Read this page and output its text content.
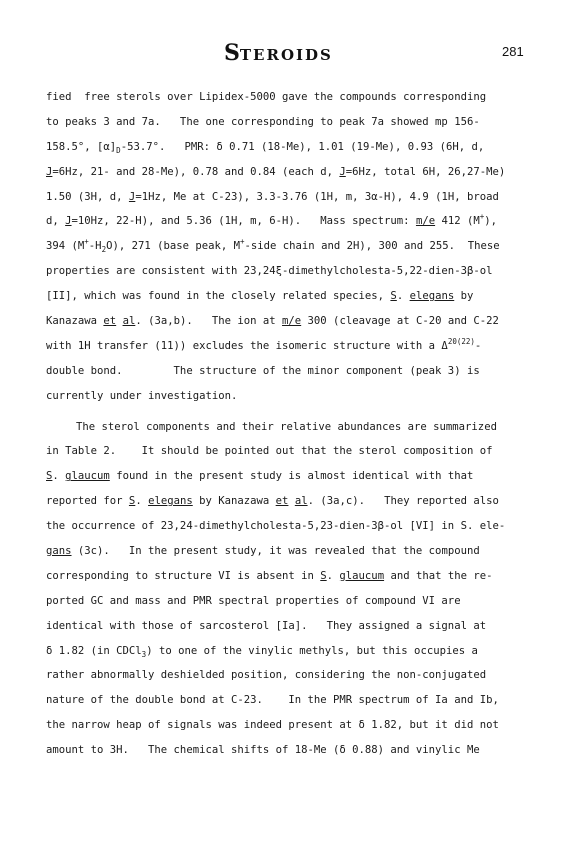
STEROIDS	281
fied  free sterols over Lipidex-5000 gave the compounds corresponding
to peaks 3 and 7a.   The one corresponding to peak 7a showed mp 156-
158.5°, $[\alpha]_D-53.7^\circ$.   PMR: δ 0.71 (18-Me), 1.01 (19-Me), 0.93 (6H, d,
J=6Hz, 21- and 28-Me), 0.78 and 0.84 (each d, J=6Hz, total 6H, 26,27-Me)
1.50 (3H, d, J=1Hz, Me at C-23), 3.3-3.76 (1H, m, 3α-H), 4.9 (1H, broad
d, J=10Hz, 22-H), and 5.36 (1H, m, 6-H).   Mass spectrum: m/e 412 (M+),
394 $(M^+-H_2O)$, 271 (base peak, M+-side chain and 2H), 300 and 255.  These
properties are consistent with 23,24ξ-dimethylcholesta-5,22-dien-3β-ol
[II], which was found in the closely related species, S. elegans by
Kanazawa et al. (3a,b).   The ion at m/e 300 (cleavage at C-20 and C-22
with 1H transfer (11)) excludes the isomeric structure with a $\Delta^{20(22)}-$
double bond.        The structure of the minor component (peak 3) is
currently under investigation.
The sterol components and their relative abundances are summarized
in Table 2.    It should be pointed out that the sterol composition of
S. glaucum found in the present study is almost identical with that
reported for S. elegans by Kanazawa et al. (3a,c).   They reported also
the occurrence of 23,24-dimethylcholesta-5,23-dien-3β-ol [VI] in S. ele-
gans (3c).   In the present study, it was revealed that the compound
corresponding to structure VI is absent in S. glaucum and that the re-
ported GC and mass and PMR spectral properties of compound VI are
identical with those of sarcosterol [Ia].   They assigned a signal at
δ 1.82 (in CDCl$_3$) to one of the vinylic methyls, but this occupies a
rather abnormally deshielded position, considering the non-conjugated
nature of the double bond at C-23.    In the PMR spectrum of Ia and Ib,
the narrow heap of signals was indeed present at δ 1.82, but it did not
amount to 3H.   The chemical shifts of 18-Me (δ 0.88) and vinylic Me
